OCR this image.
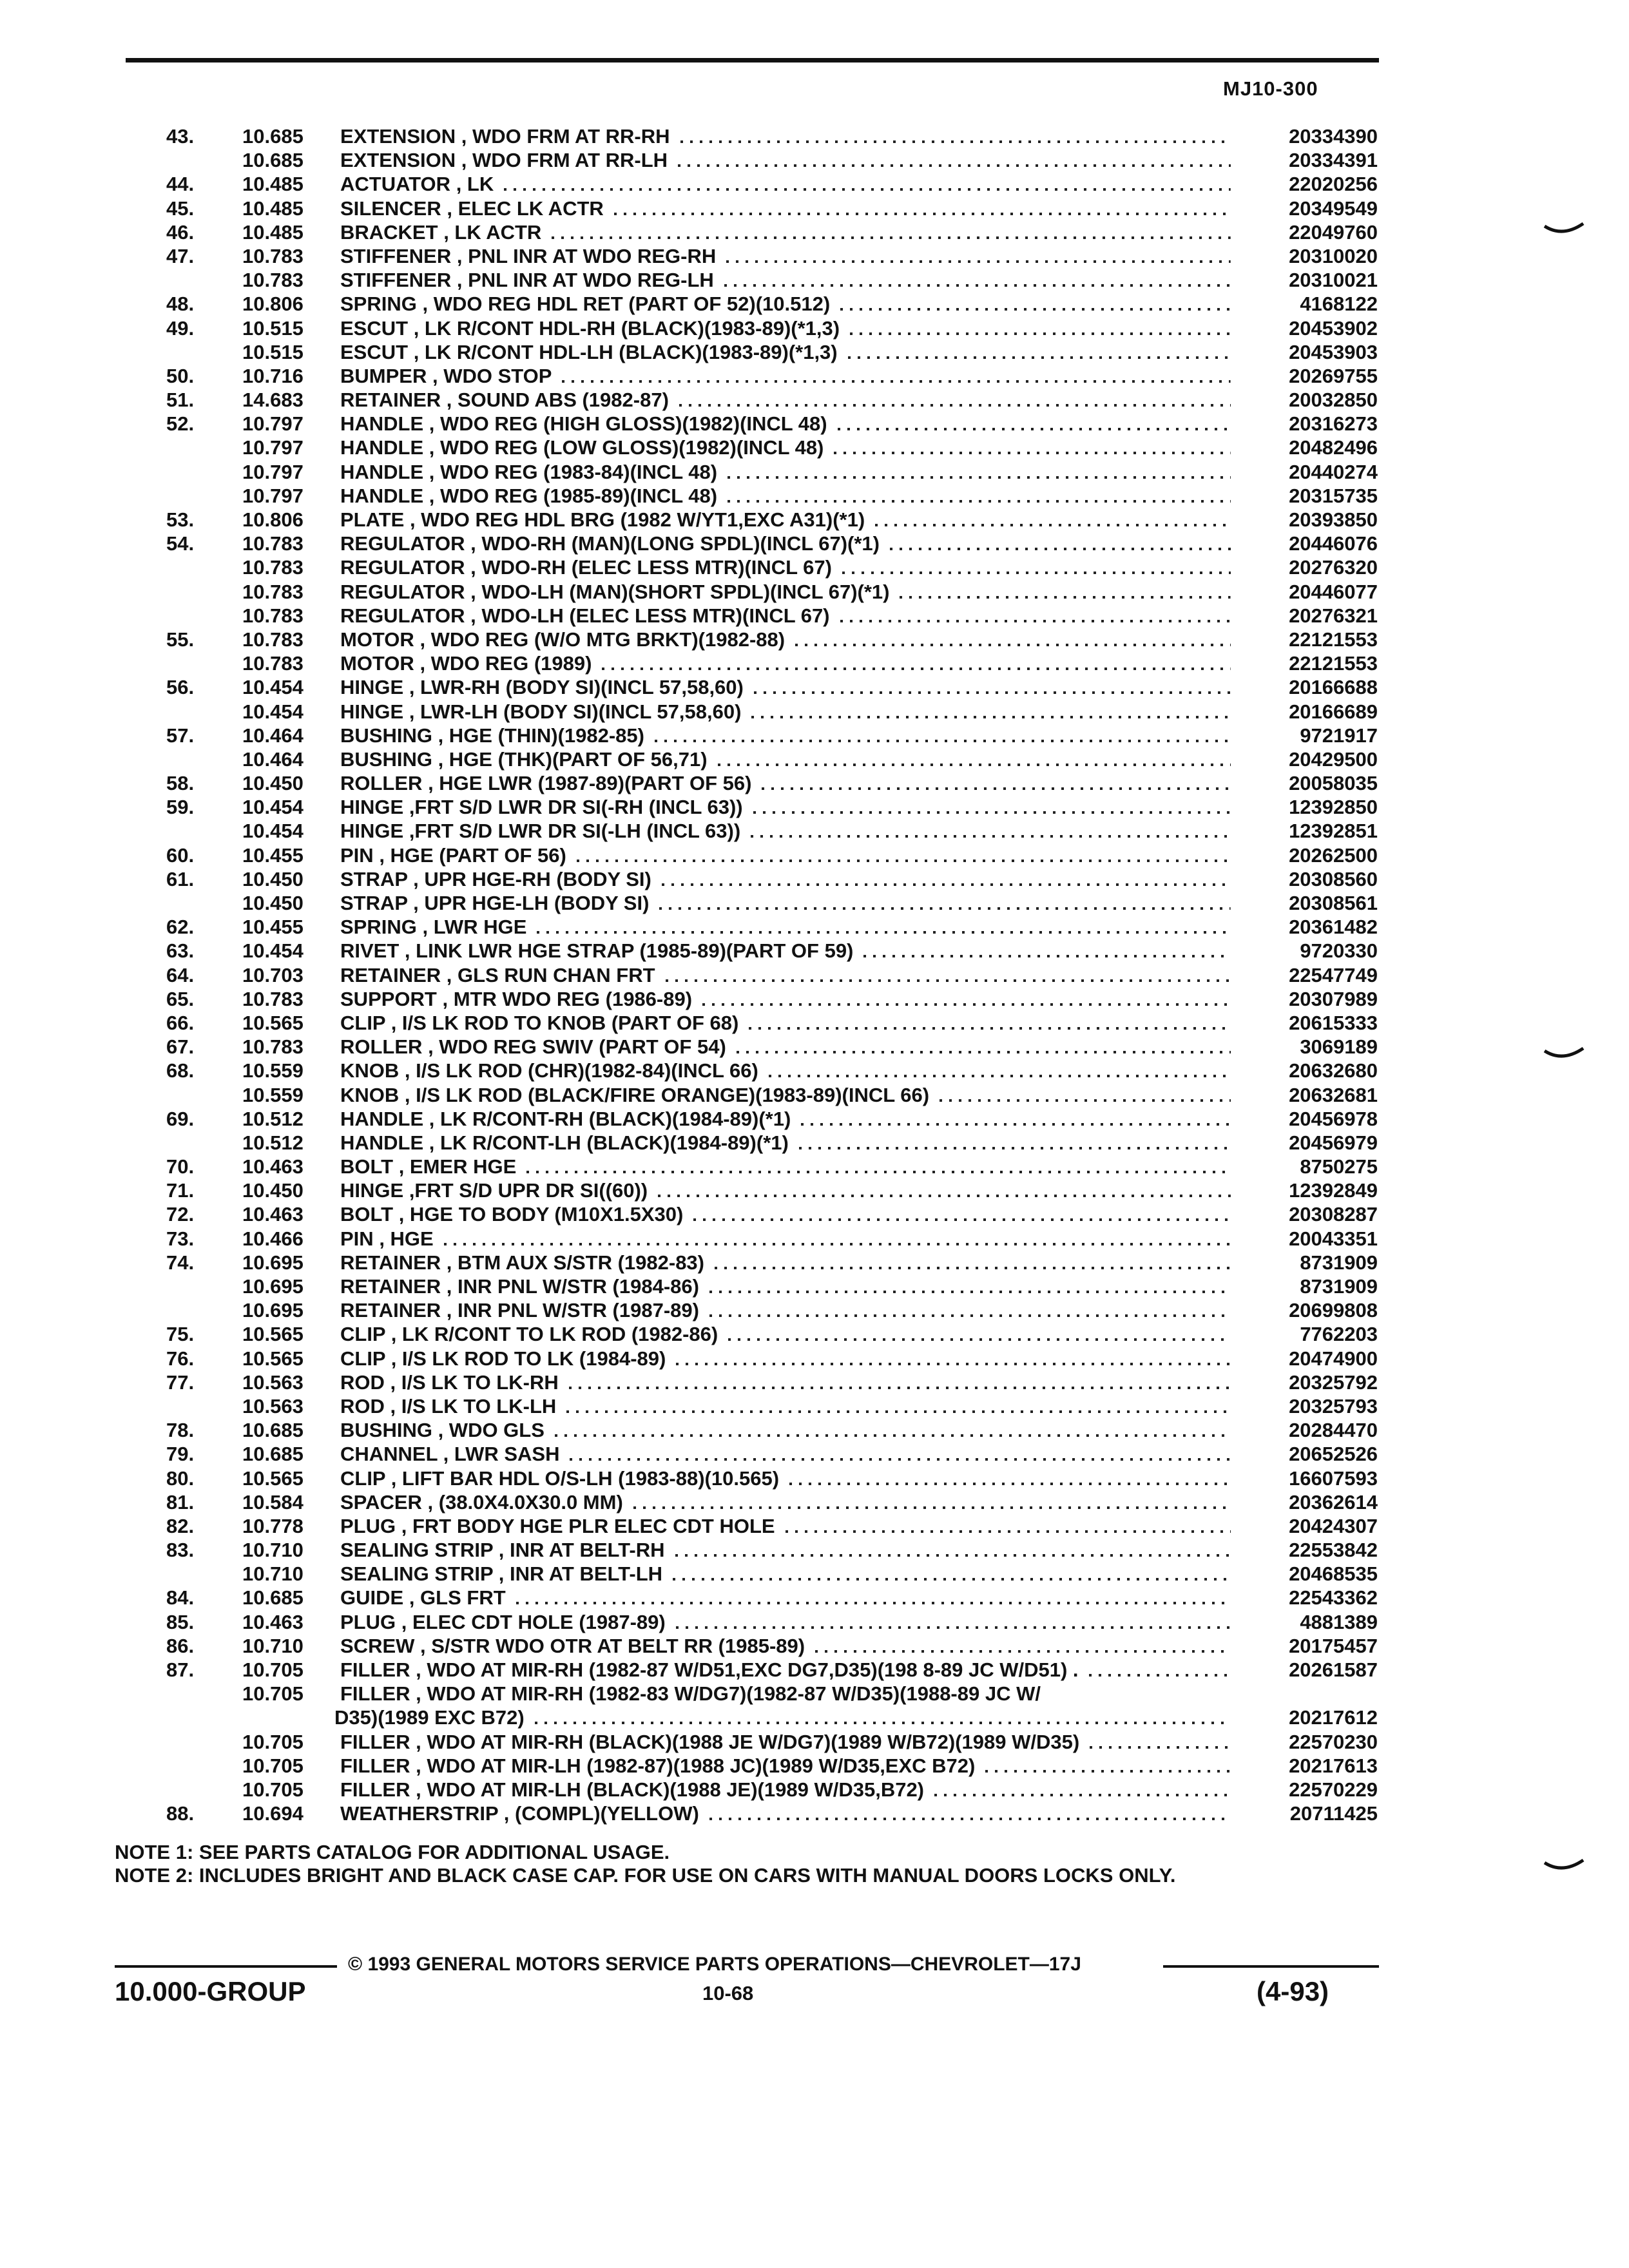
MJ10-300
43. 10.685 EXTENSION , WDO FRM AT RR-RH	20334390
10.685 EXTENSION , WDO FRM AT RR-LH	20334391
44. 10.485 ACTUATOR , LK	22020256
45. 10.485 SILENCER , ELEC LK ACTR	20349549
46. 10.485 BRACKET , LK ACTR	22049760
47. 10.783 STIFFENER , PNL INR AT WDO REG-RH	20310020
10.783 STIFFENER , PNL INR AT WDO REG-LH	20310021
48. 10.806 SPRING , WDO REG HDL RET (PART OF 52)(10.512)	4168122
49. 10.515 ESCUT , LK R/CONT HDL-RH (BLACK)(1983-89)(*1,3)	20453902
10.515 ESCUT , LK R/CONT HDL-LH (BLACK)(1983-89)(*1,3)	20453903
50. 10.716 BUMPER , WDO STOP	20269755
51. 14.683 RETAINER , SOUND ABS (1982-87)	20032850
52. 10.797 HANDLE , WDO REG (HIGH GLOSS)(1982)(INCL 48)	20316273
10.797 HANDLE , WDO REG (LOW GLOSS)(1982)(INCL 48)	20482496
10.797 HANDLE , WDO REG (1983-84)(INCL 48)	20440274
10.797 HANDLE , WDO REG (1985-89)(INCL 48)	20315735
53. 10.806 PLATE , WDO REG HDL BRG (1982 W/YT1,EXC A31)(*1)	20393850
54. 10.783 REGULATOR , WDO-RH (MAN)(LONG SPDL)(INCL 67)(*1)	20446076
10.783 REGULATOR , WDO-RH (ELEC LESS MTR)(INCL 67)	20276320
10.783 REGULATOR , WDO-LH (MAN)(SHORT SPDL)(INCL 67)(*1)	20446077
10.783 REGULATOR , WDO-LH (ELEC LESS MTR)(INCL 67)	20276321
55. 10.783 MOTOR , WDO REG (W/O MTG BRKT)(1982-88)	22121553
10.783 MOTOR , WDO REG (1989)	22121553
56. 10.454 HINGE , LWR-RH (BODY SI)(INCL 57,58,60)	20166688
10.454 HINGE , LWR-LH (BODY SI)(INCL 57,58,60)	20166689
57. 10.464 BUSHING , HGE (THIN)(1982-85)	9721917
10.464 BUSHING , HGE (THK)(PART OF 56,71)	20429500
58. 10.450 ROLLER , HGE LWR (1987-89)(PART OF 56)	20058035
59. 10.454 HINGE ,FRT S/D LWR DR SI(-RH (INCL 63))	12392850
10.454 HINGE ,FRT S/D LWR DR SI(-LH (INCL 63))	12392851
60. 10.455 PIN , HGE (PART OF 56)	20262500
61. 10.450 STRAP , UPR HGE-RH (BODY SI)	20308560
10.450 STRAP , UPR HGE-LH (BODY SI)	20308561
62. 10.455 SPRING , LWR HGE	20361482
63. 10.454 RIVET , LINK LWR HGE STRAP (1985-89)(PART OF 59)	9720330
64. 10.703 RETAINER , GLS RUN CHAN FRT	22547749
65. 10.783 SUPPORT , MTR WDO REG (1986-89)	20307989
66. 10.565 CLIP , I/S LK ROD TO KNOB (PART OF 68)	20615333
67. 10.783 ROLLER , WDO REG SWIV (PART OF 54)	3069189
68. 10.559 KNOB , I/S LK ROD (CHR)(1982-84)(INCL 66)	20632680
10.559 KNOB , I/S LK ROD (BLACK/FIRE ORANGE)(1983-89)(INCL 66)	20632681
69. 10.512 HANDLE , LK R/CONT-RH (BLACK)(1984-89)(*1)	20456978
10.512 HANDLE , LK R/CONT-LH (BLACK)(1984-89)(*1)	20456979
70. 10.463 BOLT , EMER HGE	8750275
71. 10.450 HINGE ,FRT S/D UPR DR SI((60))	12392849
72. 10.463 BOLT , HGE TO BODY (M10X1.5X30)	20308287
73. 10.466 PIN , HGE	20043351
74. 10.695 RETAINER , BTM AUX S/STR (1982-83)	8731909
10.695 RETAINER , INR PNL W/STR (1984-86)	8731909
10.695 RETAINER , INR PNL W/STR (1987-89)	20699808
75. 10.565 CLIP , LK R/CONT TO LK ROD (1982-86)	7762203
76. 10.565 CLIP , I/S LK ROD TO LK (1984-89)	20474900
77. 10.563 ROD , I/S LK TO LK-RH	20325792
10.563 ROD , I/S LK TO LK-LH	20325793
78. 10.685 BUSHING , WDO GLS	20284470
79. 10.685 CHANNEL , LWR SASH	20652526
80. 10.565 CLIP , LIFT BAR HDL O/S-LH (1983-88)(10.565)	16607593
81. 10.584 SPACER , (38.0X4.0X30.0 MM)	20362614
82. 10.778 PLUG , FRT BODY HGE PLR ELEC CDT HOLE	20424307
83. 10.710 SEALING STRIP , INR AT BELT-RH	22553842
10.710 SEALING STRIP , INR AT BELT-LH	20468535
84. 10.685 GUIDE , GLS FRT	22543362
85. 10.463 PLUG , ELEC CDT HOLE (1987-89)	4881389
86. 10.710 SCREW , S/STR WDO OTR AT BELT RR (1985-89)	20175457
87. 10.705 FILLER , WDO AT MIR-RH (1982-87 W/D51,EXC DG7,D35)(198 8-89 JC W/D51) .	20261587
10.705 FILLER , WDO AT MIR-RH (1982-83 W/DG7)(1982-87 W/D35)(1988-89 JC W/
D35)(1989 EXC B72)	20217612
10.705 FILLER , WDO AT MIR-RH (BLACK)(1988 JE W/DG7)(1989 W/B72)(1989 W/D35)	22570230
10.705 FILLER , WDO AT MIR-LH (1982-87)(1988 JC)(1989 W/D35,EXC B72)	20217613
10.705 FILLER , WDO AT MIR-LH (BLACK)(1988 JE)(1989 W/D35,B72)	22570229
88. 10.694 WEATHERSTRIP , (COMPL)(YELLOW)	20711425
NOTE 1: SEE PARTS CATALOG FOR ADDITIONAL USAGE.
NOTE 2: INCLUDES BRIGHT AND BLACK CASE CAP. FOR USE ON CARS WITH MANUAL DOORS LOCKS ONLY.
© 1993 GENERAL MOTORS SERVICE PARTS OPERATIONS—CHEVROLET—17J
10.000-GROUP	10-68	(4-93)
